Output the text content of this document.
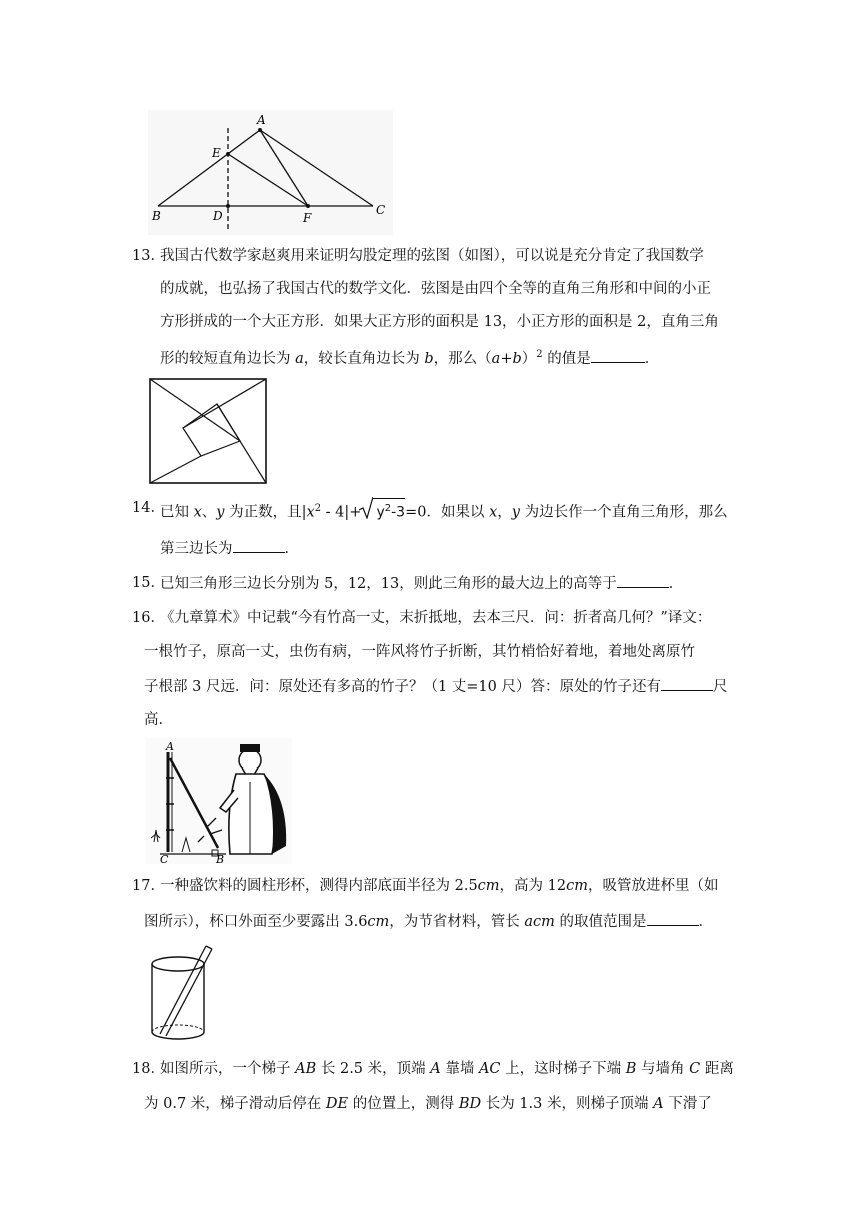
A
E
B	D	F
C
13．
我国古代数学家赵爽用来证明勾股定理的弦图（如图），可以说是充分肯定了我国数学
的成就，也弘扬了我国古代的数学文化．弦图是由四个全等的直角三角形和中间的小正
方形拼成的一个大正方形．如果大正方形的面积是 13，小正方形的面积是 2，直角三角
形的较短直角边长为 a，较长直角边长为 b，那么$(a+b)^2$ 的值是	．
14．
已知 x、y 为正数，且$|x^2 - 4|+ y^2-3$
=0．如果以 x，y 为边长作一个直角三角形，那么
第三边长为	．
15．
已知三角形三边长分别为 5，12，13，则此三角形的最大边上的高等于	．
16．
《九章算术》中记载“今有竹高一丈，末折抵地，去本三尺．问：折者高几何？”译文：
一根竹子，原高一丈，虫伤有病，一阵风将竹子折断，其竹梢恰好着地，着地处离原竹
子根部 3 尺远．问：原处还有多高的竹子？（1 丈=10 尺）答：原处的竹子还有	尺
高．
A
C	B
17．
一种盛饮料的圆柱形杯，测得内部底面半径为 2.5cm，高为 12cm，吸管放进杯里（如
图所示），杯口外面至少要露出 3.6cm，为节省材料，管长 acm 的取值范围是	．
18．
如图所示，一个梯子 AB 长 2.5 米，顶端 A 靠墙 AC 上，这时梯子下端 B 与墙角 C 距离
为 0.7 米，梯子滑动后停在 DE 的位置上，测得 BD 长为 1.3 米，则梯子顶端 A 下滑了
